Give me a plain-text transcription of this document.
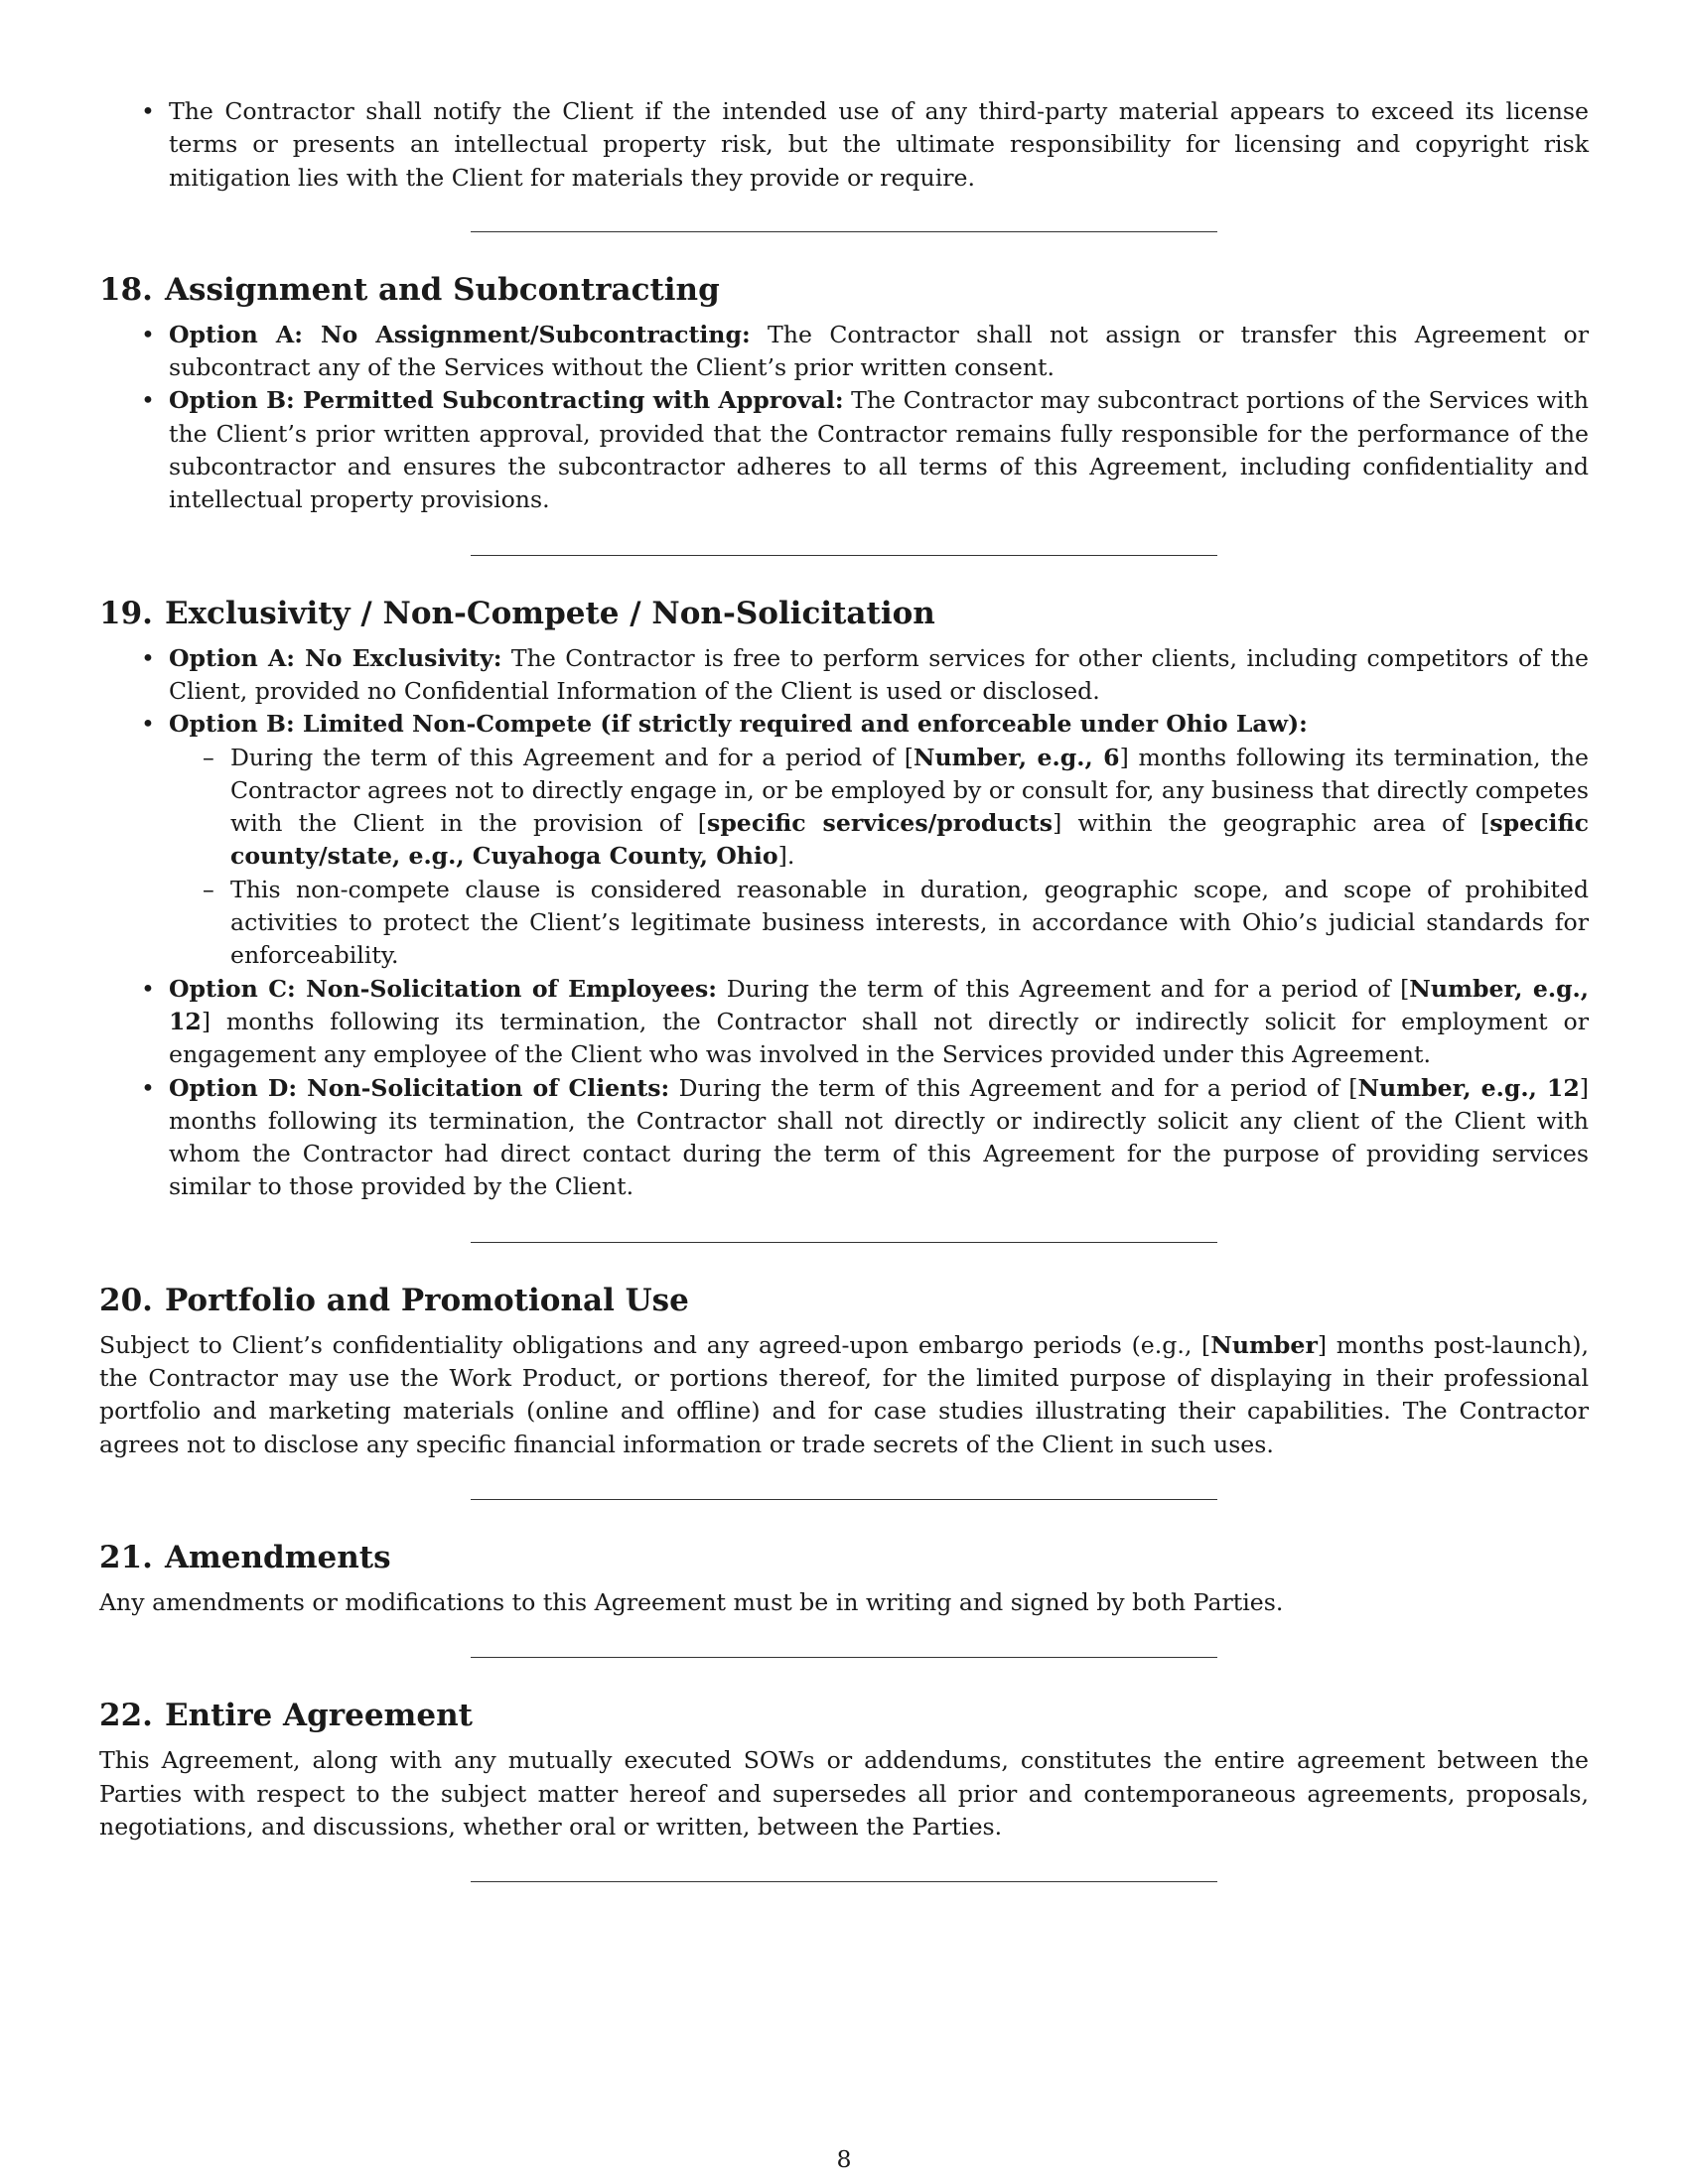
• The Contractor shall notify the Client if the intended use of any third-party material appears to exceed its license terms or presents an intellectual property risk, but the ultimate responsibility for licensing and copyright risk mitigation lies with the Client for materials they provide or require.
18. Assignment and Subcontracting
• Option A: No Assignment/Subcontracting: The Contractor shall not assign or transfer this Agreement or subcontract any of the Services without the Client’s prior written consent.
• Option B: Permitted Subcontracting with Approval: The Contractor may subcontract portions of the Services with the Client’s prior written approval, provided that the Contractor remains fully responsible for the performance of the subcontractor and ensures the subcontractor adheres to all terms of this Agreement, including confidentiality and intellectual property provisions.
19. Exclusivity / Non-Compete / Non-Solicitation
• Option A: No Exclusivity: The Contractor is free to perform services for other clients, including competitors of the Client, provided no Confidential Information of the Client is used or disclosed.
• Option B: Limited Non-Compete (if strictly required and enforceable under Ohio Law):
– During the term of this Agreement and for a period of [Number, e.g., 6] months following its termination, the Contractor agrees not to directly engage in, or be employed by or consult for, any business that directly competes with the Client in the provision of [specific services/products] within the geographic area of [specific county/state, e.g., Cuyahoga County, Ohio].
– This non-compete clause is considered reasonable in duration, geographic scope, and scope of prohibited activities to protect the Client’s legitimate business interests, in accordance with Ohio’s judicial standards for enforceability.
• Option C: Non-Solicitation of Employees: During the term of this Agreement and for a period of [Number, e.g., 12] months following its termination, the Contractor shall not directly or indirectly solicit for employment or engagement any employee of the Client who was involved in the Services provided under this Agreement.
• Option D: Non-Solicitation of Clients: During the term of this Agreement and for a period of [Number, e.g., 12] months following its termination, the Contractor shall not directly or indirectly solicit any client of the Client with whom the Contractor had direct contact during the term of this Agreement for the purpose of providing services similar to those provided by the Client.
20. Portfolio and Promotional Use

Subject to Client’s confidentiality obligations and any agreed-upon embargo periods (e.g., [Number] months post-launch), the Contractor may use the Work Product, or portions thereof, for the limited purpose of displaying in their professional portfolio and marketing materials (online and offline) and for case studies illustrating their capabilities. The Contractor agrees not to disclose any specific financial information or trade secrets of the Client in such uses.

21. Amendments

Any amendments or modifications to this Agreement must be in writing and signed by both Parties.

22. Entire Agreement

This Agreement, along with any mutually executed SOWs or addendums, constitutes the entire agreement between the Parties with respect to the subject matter hereof and supersedes all prior and contemporaneous agreements, proposals, negotiations, and discussions, whether oral or written, between the Parties.

8
